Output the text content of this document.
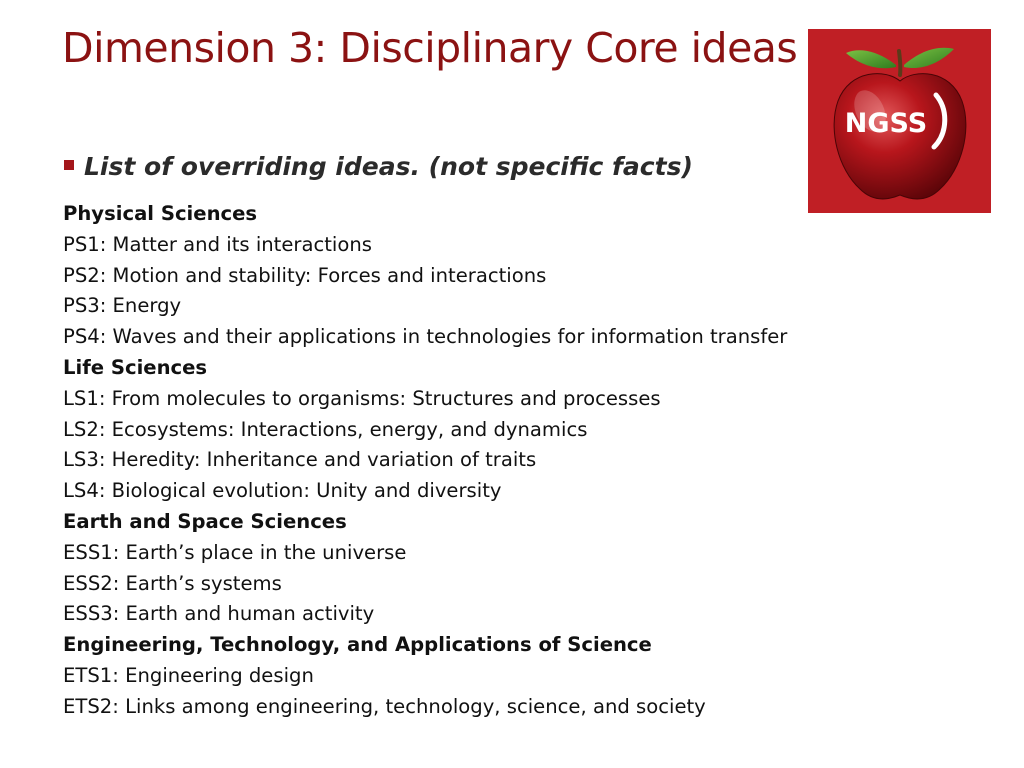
Dimension 3: Disciplinary Core ideas
NGSS
List of overriding ideas. (not specific facts)
Physical Sciences
PS1: Matter and its interactions
PS2: Motion and stability: Forces and interactions
PS3: Energy
PS4: Waves and their applications in technologies for information transfer
Life Sciences
LS1: From molecules to organisms: Structures and processes
LS2: Ecosystems: Interactions, energy, and dynamics
LS3: Heredity: Inheritance and variation of traits
LS4: Biological evolution: Unity and diversity
Earth and Space Sciences
ESS1: Earth’s place in the universe
ESS2: Earth’s systems
ESS3: Earth and human activity
Engineering, Technology, and Applications of Science
ETS1: Engineering design
ETS2: Links among engineering, technology, science, and society
